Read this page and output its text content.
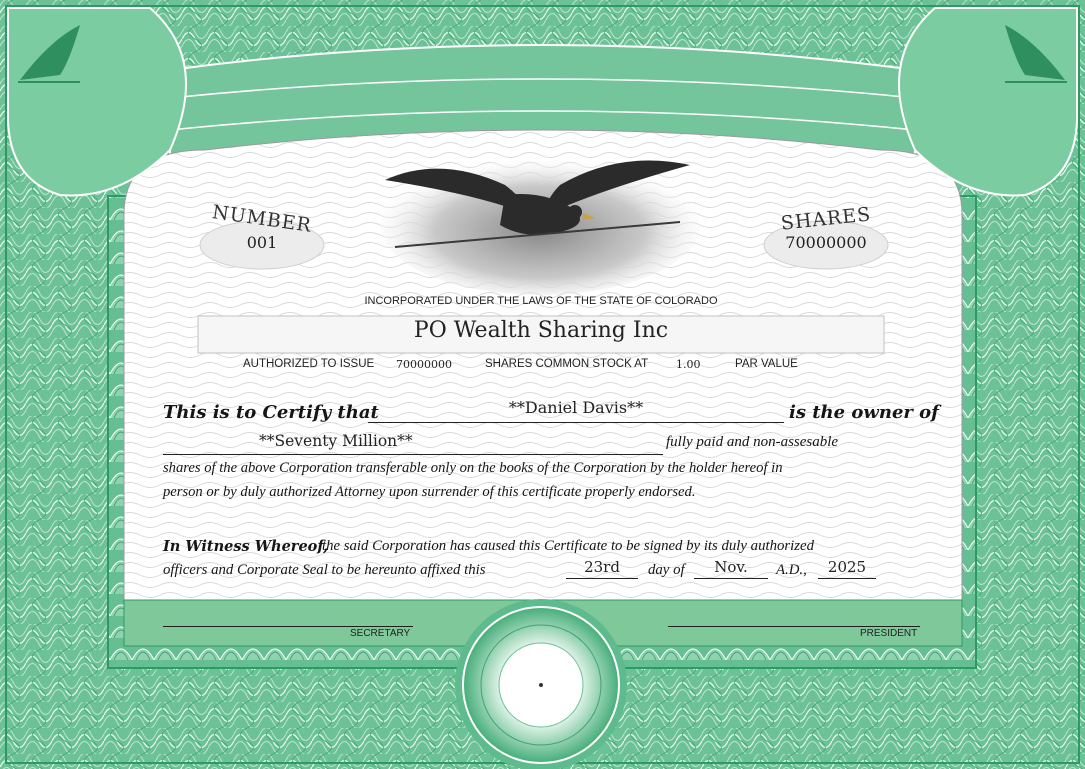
NUMBER
001
SHARES
70000000
INCORPORATED UNDER THE LAWS OF THE STATE OF COLORADO
PO Wealth Sharing Inc
AUTHORIZED TO ISSUE 70000000	SHARES COMMON STOCK AT	1.00	PAR VALUE
This is to Certify that	**Daniel Davis**	is the owner of
**Seventy Million**	fully paid and non-assesable
shares of the above Corporation transferable only on the books of the Corporation by the holder hereof in
person or by duly authorized Attorney upon surrender of this certificate properly endorsed.
In Witness Whereof,
the said Corporation has caused this Certificate to be signed by its duly authorized
officers and Corporate Seal to be hereunto affixed this	23rd	day of	Nov.	A.D.,	2025
SECRETARY	PRESIDENT
